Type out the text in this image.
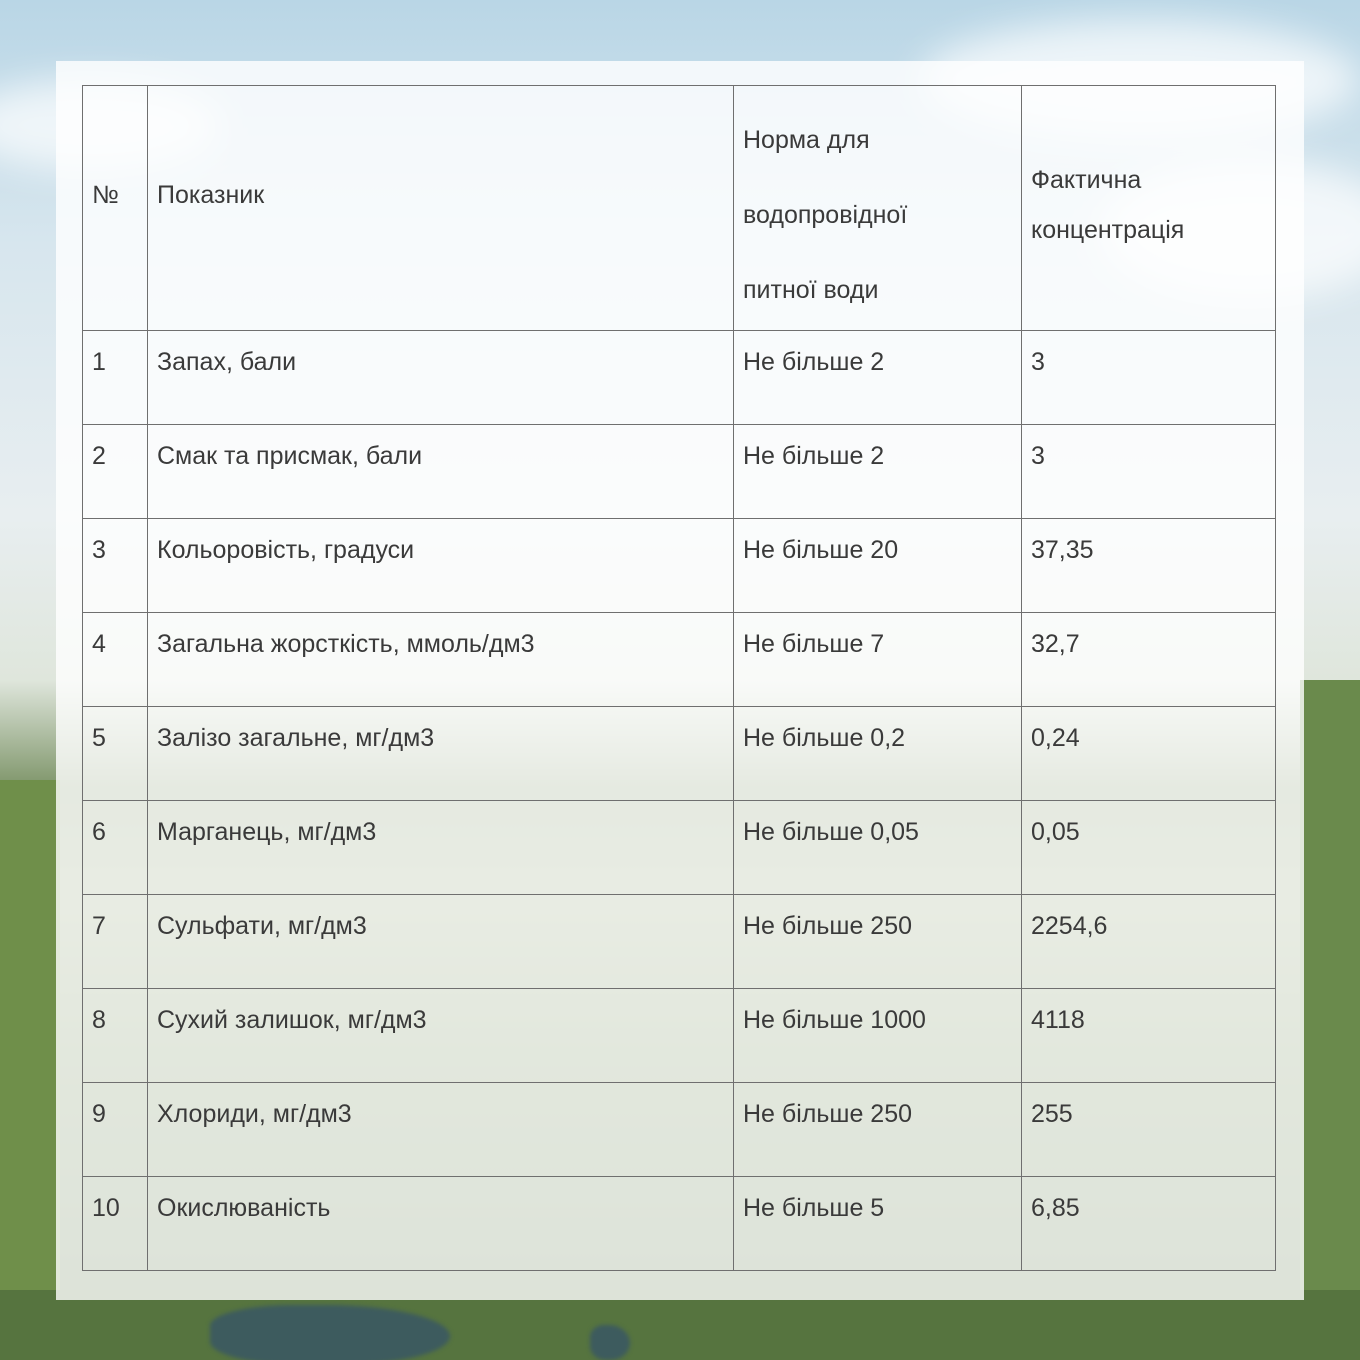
№	Показник	Норма для
водопровідної
питної води	Фактична
концентрація

1	Запах, бали	Не більше 2	3
2	Смак та присмак, бали	Не більше 2	3
3	Кольоровість, градуси	Не більше 20	37,35
4	Загальна жорсткість, ммоль/дм3	Не більше 7	32,7
5	Залізо загальне, мг/дм3	Не більше 0,2	0,24
6	Марганець, мг/дм3	Не більше 0,05	0,05
7	Сульфати, мг/дм3	Не більше 250	2254,6
8	Сухий залишок, мг/дм3	Не більше 1000	4118
9	Хлориди, мг/дм3	Не більше 250	255
10	Окислюваність	Не більше 5	6,85
